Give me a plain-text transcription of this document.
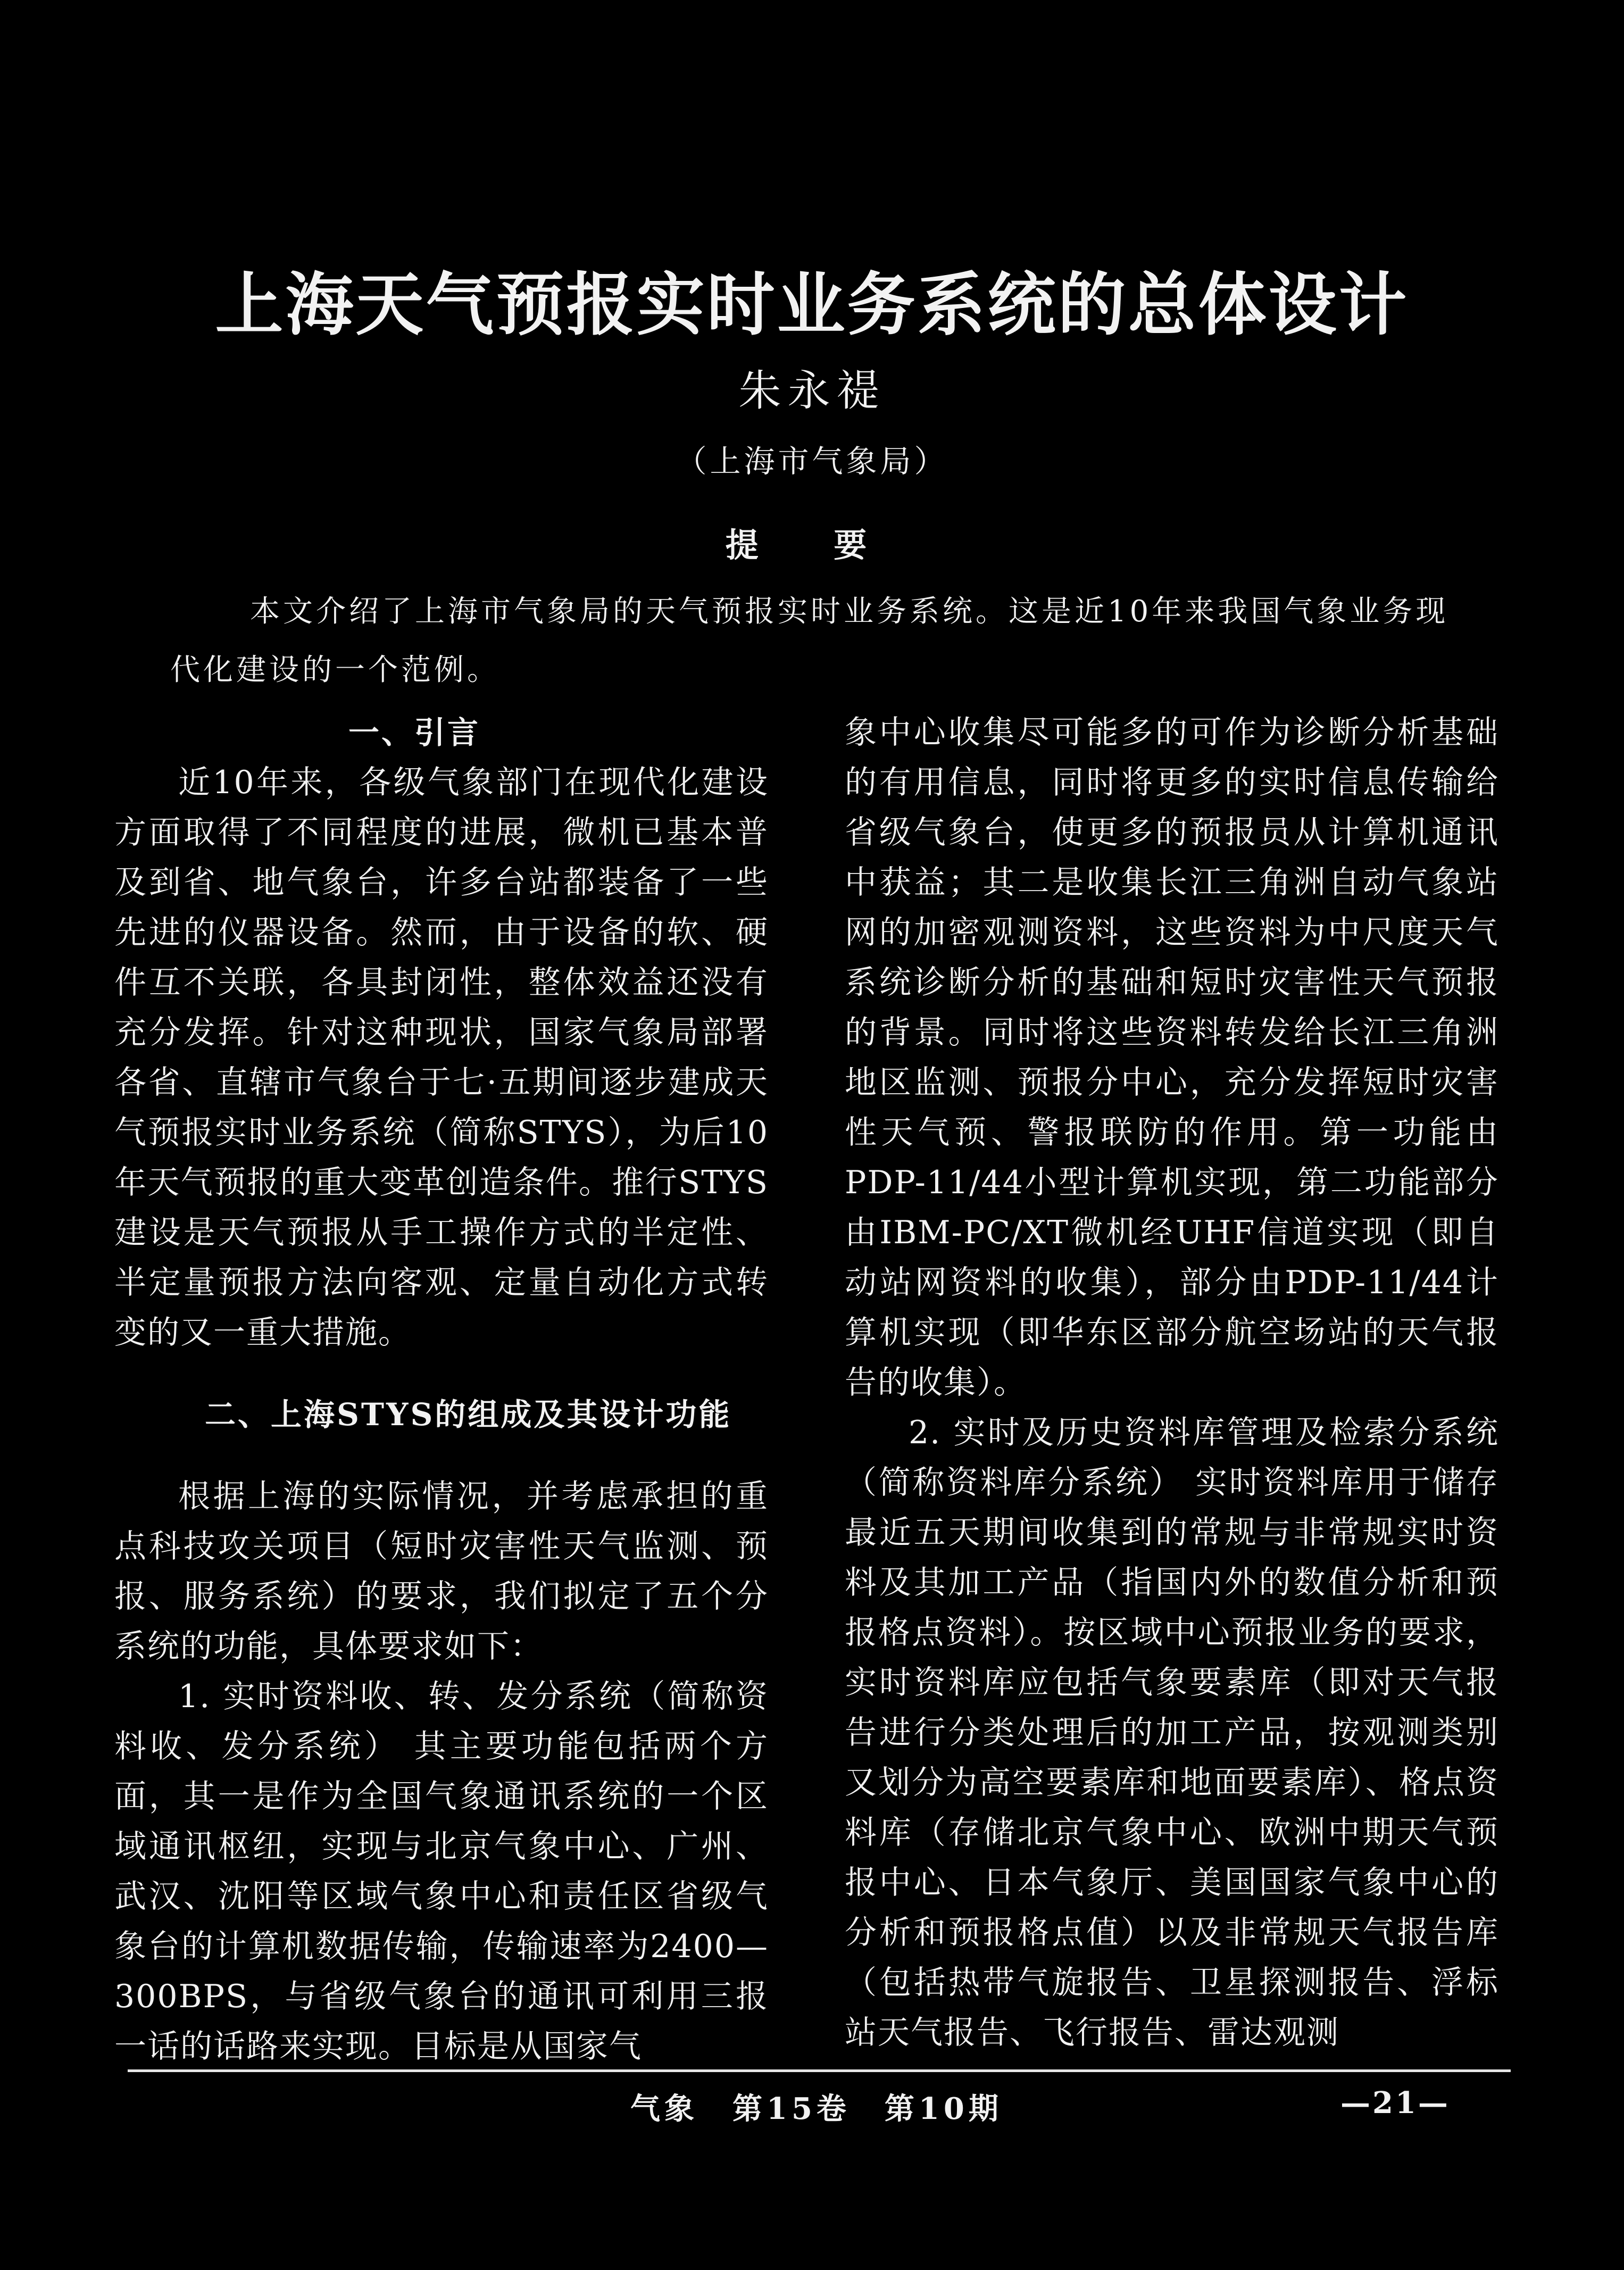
上海天气预报实时业务系统的总体设计
朱永禔
（上海市气象局）
提 要

本文介绍了上海市气象局的天气预报实时业务系统。这是近10年来我国气象业务现代化建设的一个范例。

一、引言

近10年来，各级气象部门在现代化建设方面取得了不同程度的进展，微机已基本普及到省、地气象台，许多台站都装备了一些先进的仪器设备。然而，由于设备的软、硬件互不关联，各具封闭性，整体效益还没有充分发挥。针对这种现状，国家气象局部署各省、直辖市气象台于七·五期间逐步建成天气预报实时业务系统（简称STYS），为后10年天气预报的重大变革创造条件。推行STYS建设是天气预报从手工操作方式的半定性、半定量预报方法向客观、定量自动化方式转变的又一重大措施。

二、上海STYS的组成及其设计功能

根据上海的实际情况，并考虑承担的重点科技攻关项目（短时灾害性天气监测、预报、服务系统）的要求，我们拟定了五个分系统的功能，具体要求如下：

1. 实时资料收、转、发分系统（简称资料收、发分系统） 其主要功能包括两个方面，其一是作为全国气象通讯系统的一个区域通讯枢纽，实现与北京气象中心、广州、武汉、沈阳等区域气象中心和责任区省级气象台的计算机数据传输，传输速率为2400—300BPS，与省级气象台的通讯可利用三报一话的话路来实现。目标是从国家气

象中心收集尽可能多的可作为诊断分析基础的有用信息，同时将更多的实时信息传输给省级气象台，使更多的预报员从计算机通讯中获益；其二是收集长江三角洲自动气象站网的加密观测资料，这些资料为中尺度天气系统诊断分析的基础和短时灾害性天气预报的背景。同时将这些资料转发给长江三角洲地区监测、预报分中心，充分发挥短时灾害性天气预、警报联防的作用。第一功能由PDP-11/44小型计算机实现，第二功能部分由IBM-PC/XT微机经UHF信道实现（即自动站网资料的收集），部分由PDP-11/44计算机实现（即华东区部分航空场站的天气报告的收集）。

2. 实时及历史资料库管理及检索分系统（简称资料库分系统） 实时资料库用于储存最近五天期间收集到的常规与非常规实时资料及其加工产品（指国内外的数值分析和预报格点资料）。按区域中心预报业务的要求，实时资料库应包括气象要素库（即对天气报告进行分类处理后的加工产品，按观测类别又划分为高空要素库和地面要素库）、格点资料库（存储北京气象中心、欧洲中期天气预报中心、日本气象厅、美国国家气象中心的分析和预报格点值）以及非常规天气报告库（包括热带气旋报告、卫星探测报告、浮标站天气报告、飞行报告、雷达观测

气象　第15卷　第10期	—21—
